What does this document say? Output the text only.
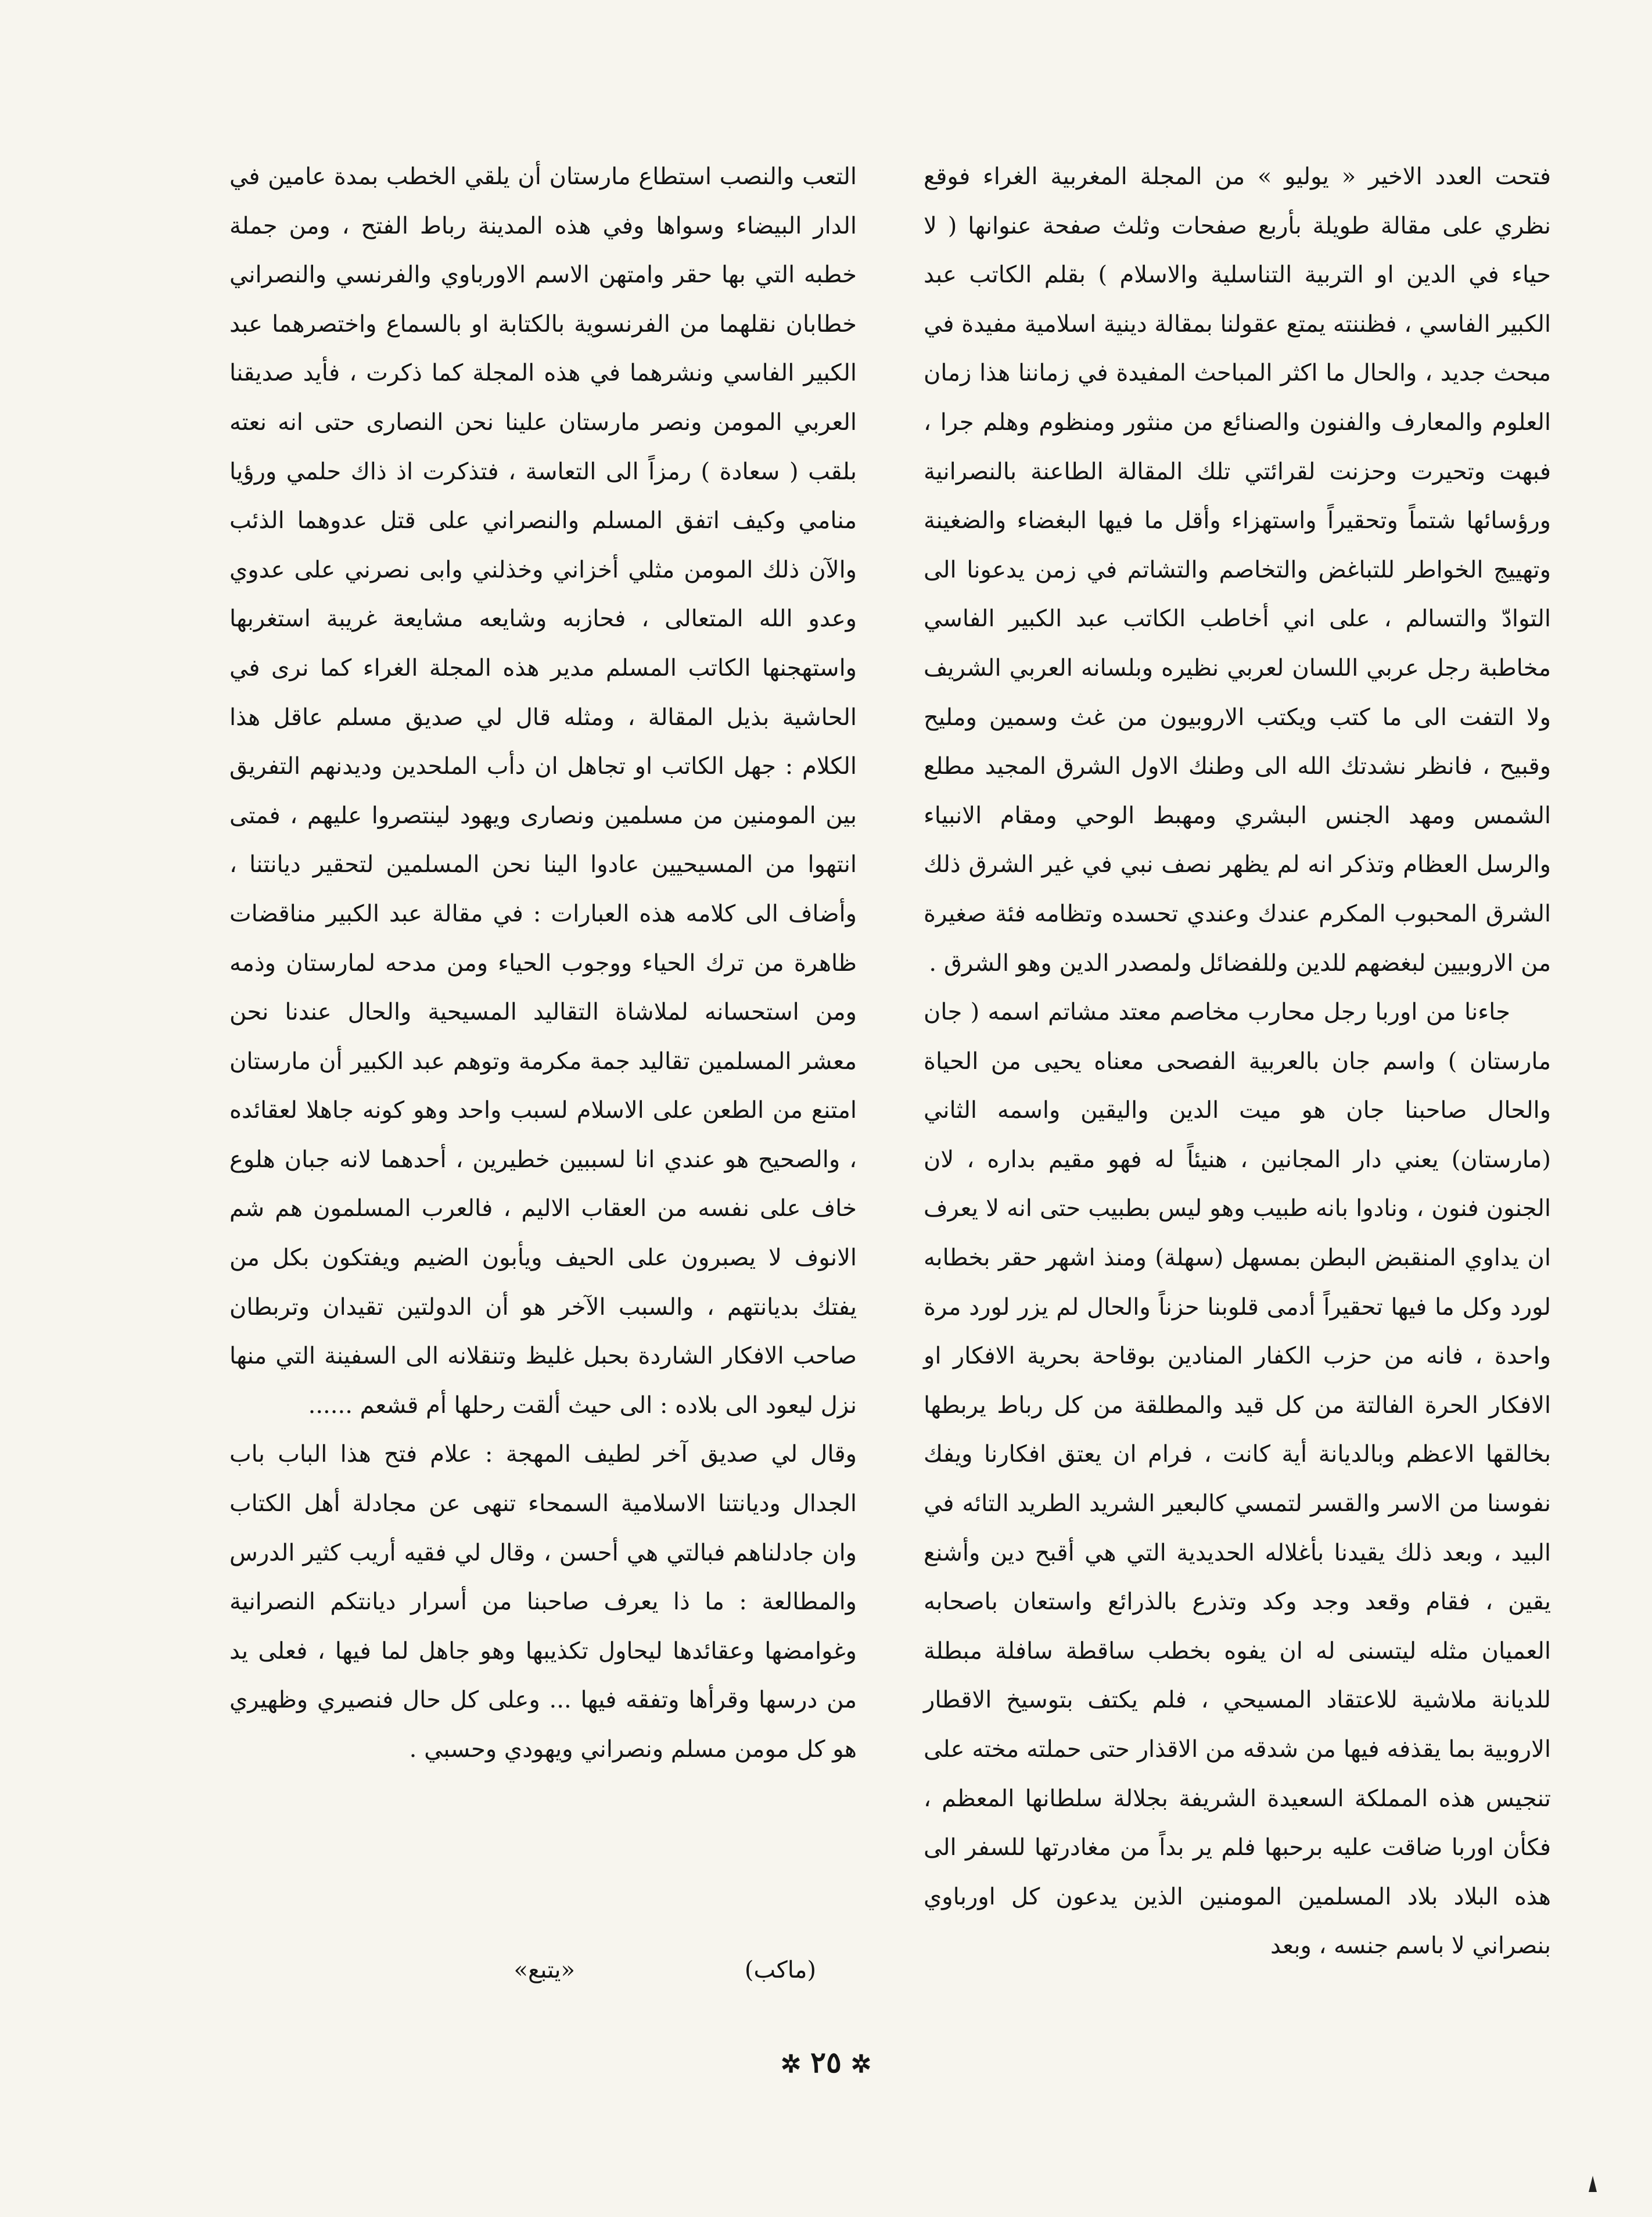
فتحت العدد الاخير « يوليو » من المجلة المغربية الغراء فوقع نظري على مقالة طويلة بأربع صفحات وثلث صفحة عنوانها ( لا حياء في الدين او التربية التناسلية والاسلام ) بقلم الكاتب عبد الكبير الفاسي ، فظننته يمتع عقولنا بمقالة دينية اسلامية مفيدة في مبحث جديد ، والحال ما اكثر المباحث المفيدة في زماننا هذا زمان العلوم والمعارف والفنون والصنائع من منثور ومنظوم وهلم جرا ، فبهت وتحيرت وحزنت لقرائتي تلك المقالة الطاعنة بالنصرانية ورؤسائها شتماً وتحقيراً واستهزاء وأقل ما فيها البغضاء والضغينة وتهييج الخواطر للتباغض والتخاصم والتشاتم في زمن يدعونا الى التوادّ والتسالم ، على اني أخاطب الكاتب عبد الكبير الفاسي مخاطبة رجل عربي اللسان لعربي نظيره وبلسانه العربي الشريف ولا التفت الى ما كتب ويكتب الاروبيون من غث وسمين ومليح وقبيح ، فانظر نشدتك الله الى وطنك الاول الشرق المجيد مطلع الشمس ومهد الجنس البشري ومهبط الوحي ومقام الانبياء والرسل العظام وتذكر انه لم يظهر نصف نبي في غير الشرق ذلك الشرق المحبوب المكرم عندك وعندي تحسده وتظامه فئة صغيرة من الاروبيين لبغضهم للدين وللفضائل ولمصدر الدين وهو الشرق .

جاءنا من اوربا رجل محارب مخاصم معتد مشاتم اسمه ( جان مارستان ) واسم جان بالعربية الفصحى معناه يحيى من الحياة والحال صاحبنا جان هو ميت الدين واليقين واسمه الثاني (مارستان) يعني دار المجانين ، هنيئاً له فهو مقيم بداره ، لان الجنون فنون ، ونادوا بانه طبيب وهو ليس بطبيب حتى انه لا يعرف ان يداوي المنقبض البطن بمسهل (سهلة) ومنذ اشهر حقر بخطابه لورد وكل ما فيها تحقيراً أدمى قلوبنا حزناً والحال لم يزر لورد مرة واحدة ، فانه من حزب الكفار المنادين بوقاحة بحرية الافكار او الافكار الحرة الفالتة من كل قيد والمطلقة من كل رباط يربطها بخالقها الاعظم وبالديانة أية كانت ، فرام ان يعتق افكارنا ويفك نفوسنا من الاسر والقسر لتمسي كالبعير الشريد الطريد التائه في البيد ، وبعد ذلك يقيدنا بأغلاله الحديدية التي هي أقبح دين وأشنع يقين ، فقام وقعد وجد وكد وتذرع بالذرائع واستعان باصحابه العميان مثله ليتسنى له ان يفوه بخطب ساقطة سافلة مبطلة للديانة ملاشية للاعتقاد المسيحي ، فلم يكتف بتوسيخ الاقطار الاروبية بما يقذفه فيها من شدقه من الاقذار حتى حملته مخته على تنجيس هذه المملكة السعيدة الشريفة بجلالة سلطانها المعظم ، فكأن اوربا ضاقت عليه برحبها فلم ير بداً من مغادرتها للسفر الى هذه البلاد بلاد المسلمين المومنين الذين يدعون كل اورباوي بنصراني لا باسم جنسه ، وبعد

التعب والنصب استطاع مارستان أن يلقي الخطب بمدة عامين في الدار البيضاء وسواها وفي هذه المدينة رباط الفتح ، ومن جملة خطبه التي بها حقر وامتهن الاسم الاورباوي والفرنسي والنصراني خطابان نقلهما من الفرنسوية بالكتابة او بالسماع واختصرهما عبد الكبير الفاسي ونشرهما في هذه المجلة كما ذكرت ، فأيد صديقنا العربي المومن ونصر مارستان علينا نحن النصارى حتى انه نعته بلقب ( سعادة ) رمزاً الى التعاسة ، فتذكرت اذ ذاك حلمي ورؤيا منامي وكيف اتفق المسلم والنصراني على قتل عدوهما الذئب والآن ذلك المومن مثلي أخزاني وخذلني وابى نصرني على عدوي وعدو الله المتعالى ، فحازبه وشايعه مشايعة غريبة استغربها واستهجنها الكاتب المسلم مدير هذه المجلة الغراء كما نرى في الحاشية بذيل المقالة ، ومثله قال لي صديق مسلم عاقل هذا الكلام : جهل الكاتب او تجاهل ان دأب الملحدين وديدنهم التفريق بين المومنين من مسلمين ونصارى ويهود لينتصروا عليهم ، فمتى انتهوا من المسيحيين عادوا الينا نحن المسلمين لتحقير ديانتنا ، وأضاف الى كلامه هذه العبارات : في مقالة عبد الكبير مناقضات ظاهرة من ترك الحياء ووجوب الحياء ومن مدحه لمارستان وذمه ومن استحسانه لملاشاة التقاليد المسيحية والحال عندنا نحن معشر المسلمين تقاليد جمة مكرمة وتوهم عبد الكبير أن مارستان امتنع من الطعن على الاسلام لسبب واحد وهو كونه جاهلا لعقائده ، والصحيح هو عندي انا لسببين خطيرين ، أحدهما لانه جبان هلوع خاف على نفسه من العقاب الاليم ، فالعرب المسلمون هم شم الانوف لا يصبرون على الحيف ويأبون الضيم ويفتكون بكل من يفتك بديانتهم ، والسبب الآخر هو أن الدولتين تقيدان وتربطان صاحب الافكار الشاردة بحبل غليظ وتنقلانه الى السفينة التي منها نزل ليعود الى بلاده : الى حيث ألقت رحلها أم قشعم ......

وقال لي صديق آخر لطيف المهجة : علام فتح هذا الباب باب الجدال وديانتنا الاسلامية السمحاء تنهى عن مجادلة أهل الكتاب وان جادلناهم فبالتي هي أحسن ، وقال لي فقيه أريب كثير الدرس والمطالعة : ما ذا يعرف صاحبنا من أسرار ديانتكم النصرانية وغوامضها وعقائدها ليحاول تكذيبها وهو جاهل لما فيها ، فعلى يد من درسها وقرأها وتفقه فيها ... وعلى كل حال فنصيري وظهيري هو كل مومن مسلم ونصراني ويهودي وحسبي .

(ماكب)
«يتبع»
✲٢٥✲
